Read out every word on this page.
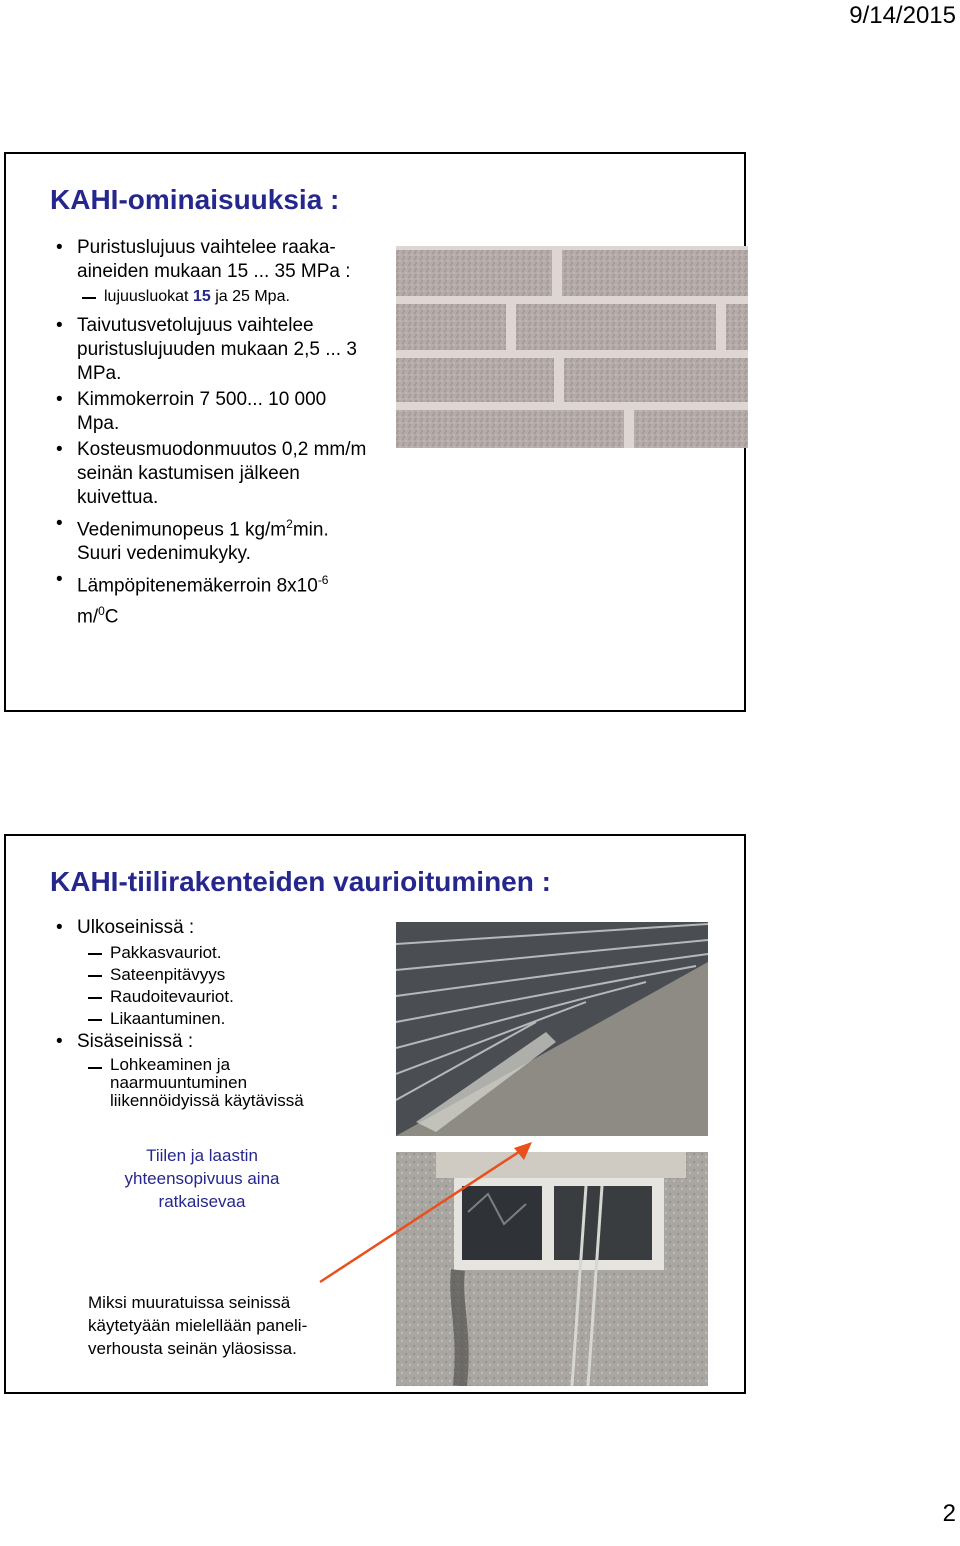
9/14/2015
KAHI-ominaisuuksia :
• Puristuslujuus vaihtelee raaka-aineiden mukaan 15 ... 35 MPa :
lujuusluokat 15 ja 25 Mpa.
• Taivutusvetolujuus vaihtelee puristuslujuuden mukaan 2,5 ... 3 MPa.
• Kimmokerroin 7 500... 10 000 Mpa.
• Kosteusmuodonmuutos 0,2 mm/m seinän kastumisen jälkeen kuivettua.
• Vedenimunopeus 1 $kg/m^2\min$. Suuri vedenimukyky.
• Lämpöpitenemäkerroin $8x10^{-6}$ m/$^0$C
KAHI-tiilirakenteiden vaurioituminen :
• Ulkoseinissä :
Pakkasvauriot.
Sateenpitävyys
Raudoitevauriot.
Likaantuminen.
• Sisäseinissä :
Lohkeaminen ja naarmuuntuminen liikennöidyissä käytävissä
Tiilen ja laastin yhteensopivuus aina ratkaisevaa
Miksi muuratuissa seinissä käytetyään mielellään paneli-verhousta seinän yläosissa.
2
